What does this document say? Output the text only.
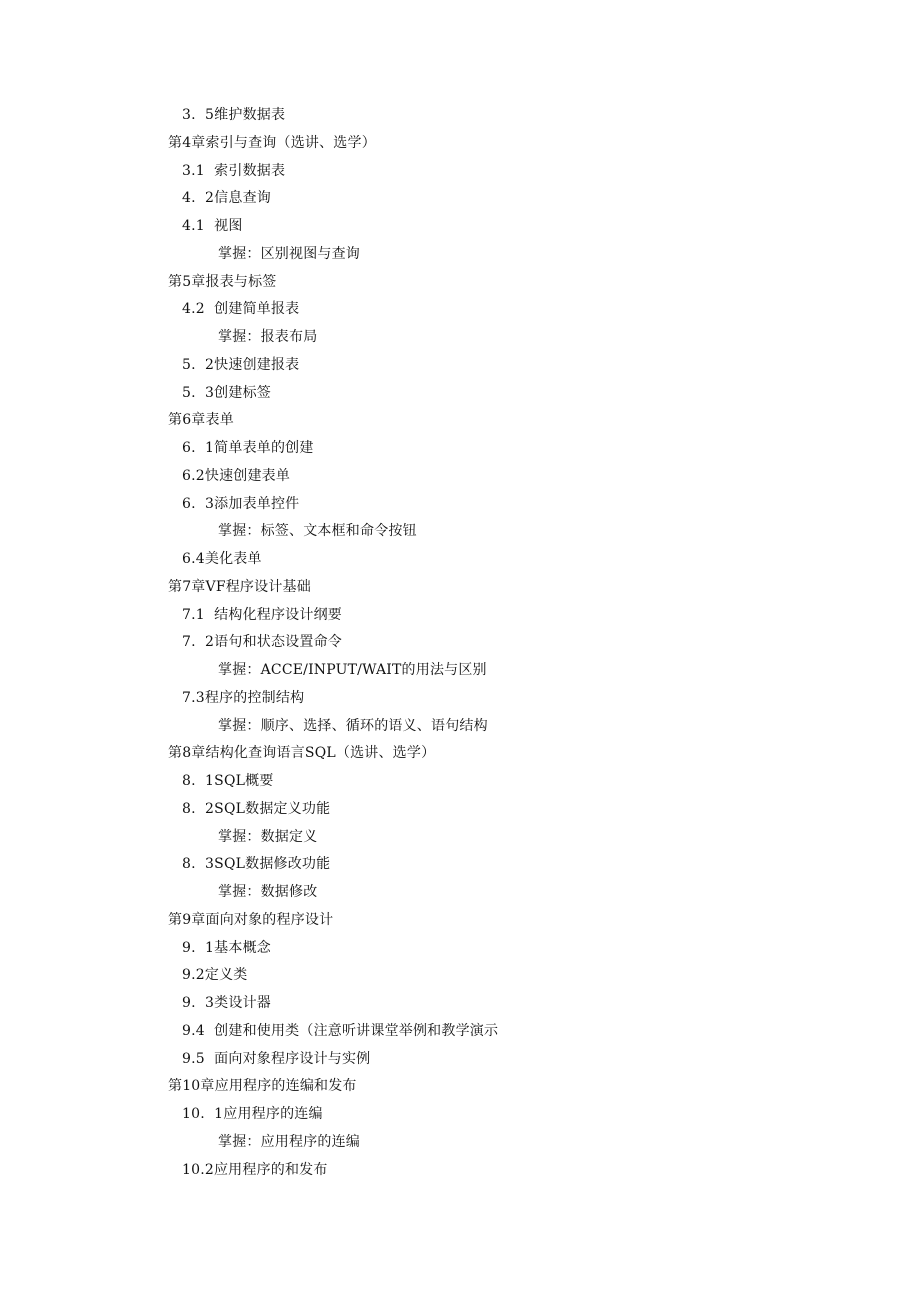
3.  5维护数据表
第4章索引与查询（选讲、选学）
3.1  索引数据表
4.  2信息查询
4.1  视图
掌握：区别视图与查询
第5章报表与标签
4.2  创建简单报表
掌握：报表布局
5.  2快速创建报表
5.  3创建标签
第6章表单
6.  1简单表单的创建
6.2快速创建表单
6.  3添加表单控件
掌握：标签、文本框和命令按钮
6.4美化表单
第7章VF程序设计基础
7.1  结构化程序设计纲要
7.  2语句和状态设置命令
掌握：ACCE/INPUT/WAIT的用法与区别
7.3程序的控制结构
掌握：顺序、选择、循环的语义、语句结构
第8章结构化查询语言SQL（选讲、选学）
8.  1SQL概要
8.  2SQL数据定义功能
掌握：数据定义
8.  3SQL数据修改功能
掌握：数据修改
第9章面向对象的程序设计
9.  1基本概念
9.2定义类
9.  3类设计器
9.4  创建和使用类（注意听讲课堂举例和教学演示
9.5  面向对象程序设计与实例
第10章应用程序的连编和发布
10.  1应用程序的连编
掌握：应用程序的连编
10.2应用程序的和发布
